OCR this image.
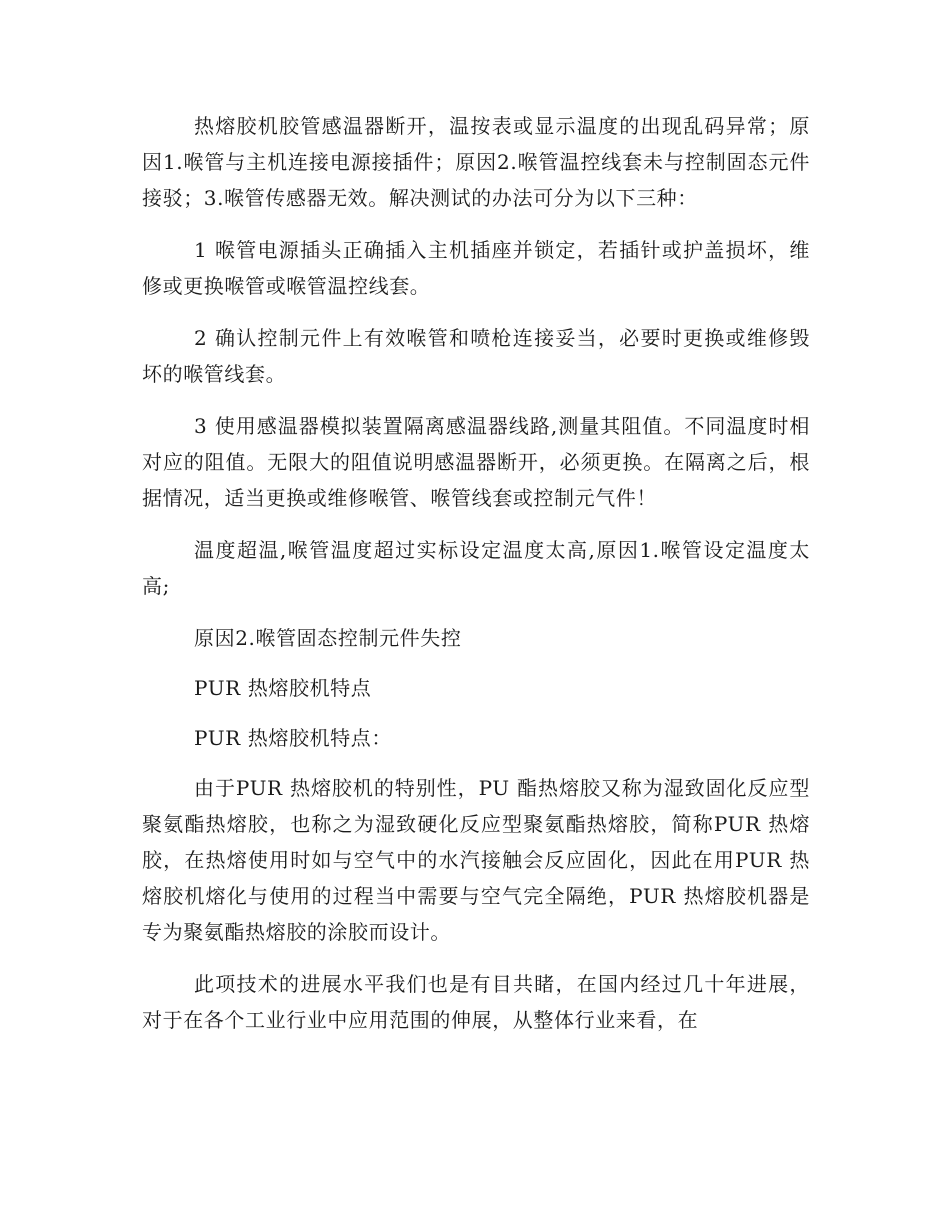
热熔胶机胶管感温器断开，温按表或显示温度的出现乱码异常；原因1.喉管与主机连接电源接插件；原因2.喉管温控线套未与控制固态元件接驳；3.喉管传感器无效。解决测试的办法可分为以下三种：

1 喉管电源插头正确插入主机插座并锁定，若插针或护盖损坏，维修或更换喉管或喉管温控线套。

2 确认控制元件上有效喉管和喷枪连接妥当，必要时更换或维修毁坏的喉管线套。

3 使用感温器模拟装置隔离感温器线路,测量其阻值。不同温度时相对应的阻值。无限大的阻值说明感温器断开，必须更换。在隔离之后，根据情况，适当更换或维修喉管、喉管线套或控制元气件！

温度超温,喉管温度超过实标设定温度太高,原因1.喉管设定温度太高;

原因2.喉管固态控制元件失控

PUR 热熔胶机特点

PUR 热熔胶机特点：

由于PUR 热熔胶机的特别性，PU 酯热熔胶又称为湿致固化反应型聚氨酯热熔胶，也称之为湿致硬化反应型聚氨酯热熔胶，简称PUR 热熔胶，在热熔使用时如与空气中的水汽接触会反应固化，因此在用PUR 热熔胶机熔化与使用的过程当中需要与空气完全隔绝，PUR 热熔胶机器是专为聚氨酯热熔胶的涂胶而设计。

此项技术的进展水平我们也是有目共睹，在国内经过几十年进展，对于在各个工业行业中应用范围的伸展，从整体行业来看，在
